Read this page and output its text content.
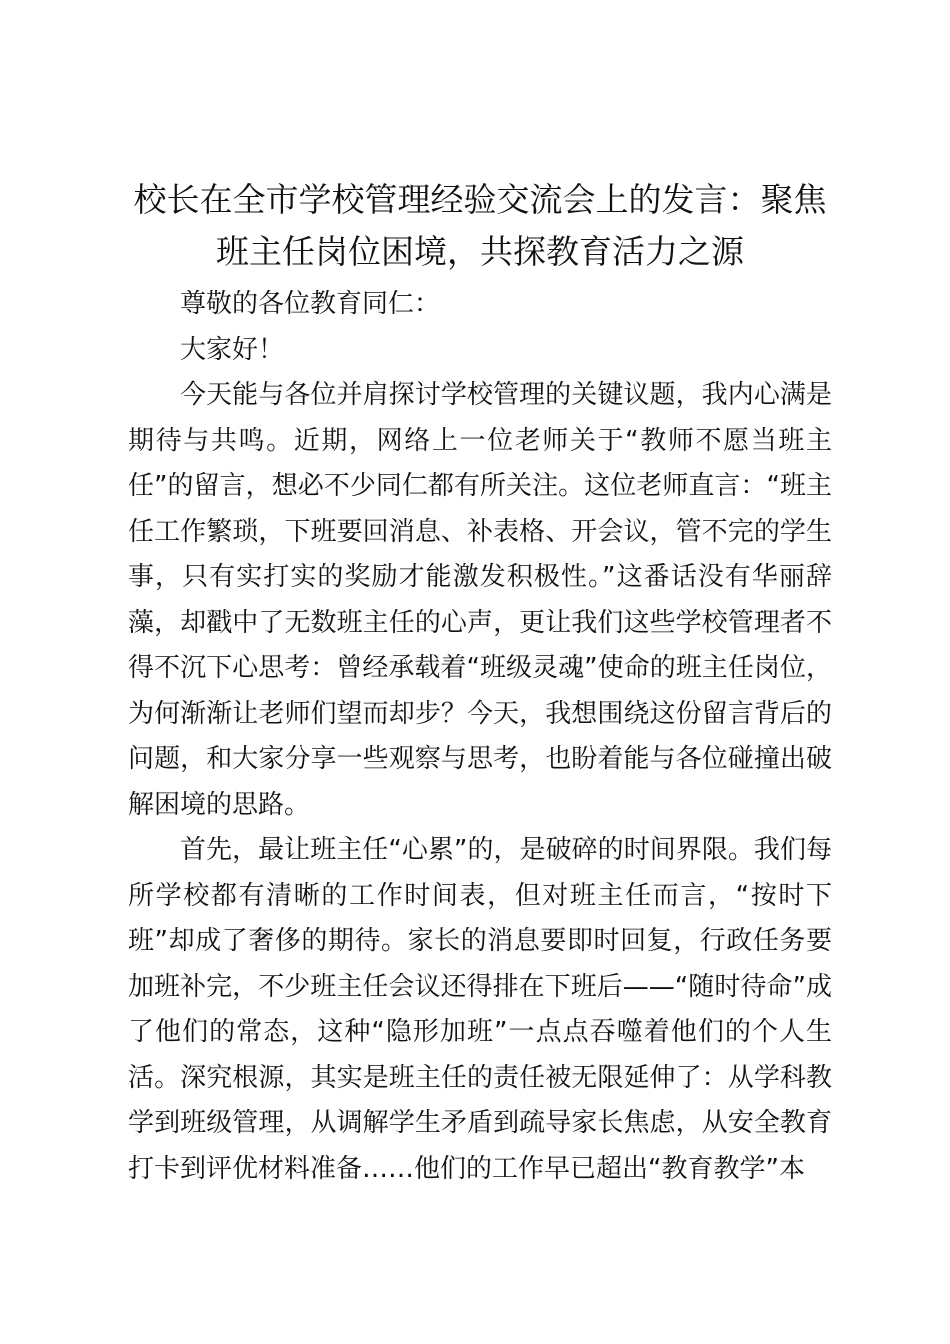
校长在全市学校管理经验交流会上的发言：聚焦班主任岗位困境，共探教育活力之源

尊敬的各位教育同仁：

大家好！

今天能与各位并肩探讨学校管理的关键议题，我内心满是期待与共鸣。近期，网络上一位老师关于“教师不愿当班主任”的留言，想必不少同仁都有所关注。这位老师直言：“班主任工作繁琐，下班要回消息、补表格、开会议，管不完的学生事，只有实打实的奖励才能激发积极性。”这番话没有华丽辞藻，却戳中了无数班主任的心声，更让我们这些学校管理者不得不沉下心思考：曾经承载着“班级灵魂”使命的班主任岗位，为何渐渐让老师们望而却步？今天，我想围绕这份留言背后的问题，和大家分享一些观察与思考，也盼着能与各位碰撞出破解困境的思路。

首先，最让班主任“心累”的，是破碎的时间界限。我们每所学校都有清晰的工作时间表，但对班主任而言，“按时下班”却成了奢侈的期待。家长的消息要即时回复，行政任务要加班补完，不少班主任会议还得排在下班后——“随时待命”成了他们的常态，这种“隐形加班”一点点吞噬着他们的个人生活。深究根源，其实是班主任的责任被无限延伸了：从学科教学到班级管理，从调解学生矛盾到疏导家长焦虑，从安全教育打卡到评优材料准备……他们的工作早已超出“教育教学”本
